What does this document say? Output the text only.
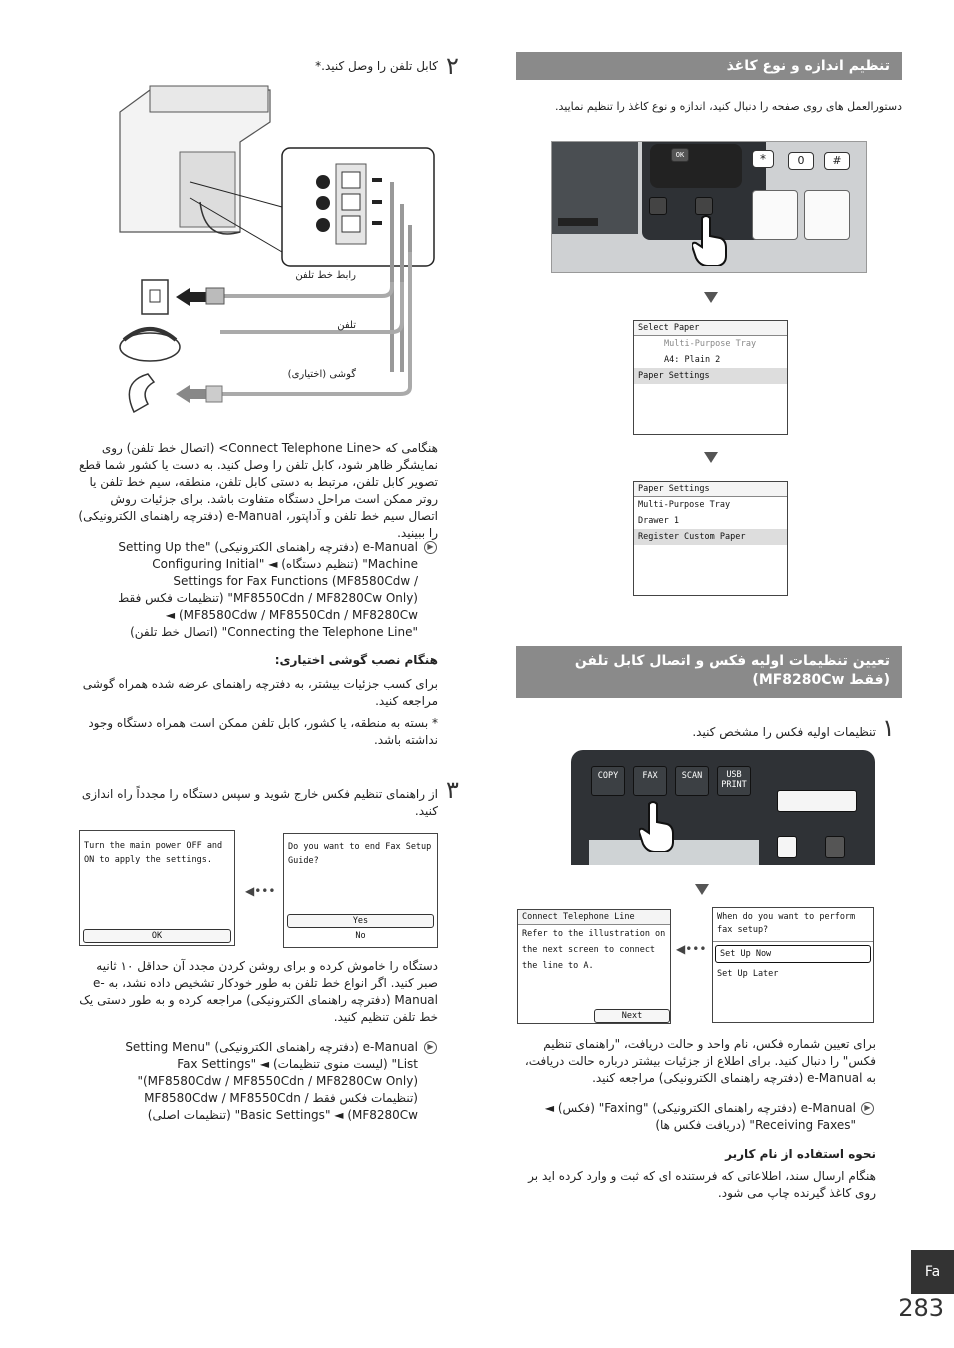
تنظیم اندازه و نوع کاغذ
دستورالعمل های روی صفحه را دنبال کنید، اندازه و نوع کاغذ را تنظیم نمایید.
OK	*	0	#
Select Paper
Multi-Purpose Tray
A4: Plain 2
Paper Settings
Paper Settings
Multi-Purpose Tray
Drawer 1
Register Custom Paper
تعیین تنظیمات اولیه فکس و اتصال کابل تلفن
(فقط MF8280Cw)
۱
تنظیمات اولیه فکس را مشخص کنید.
COPY	FAX	SCAN	USB PRINT
When do you want to perform fax setup?
Set Up Now
Set Up Later
◀•••
Connect Telephone Line
Refer to the illustration on the next screen to connect the line to A.
Next
برای تعیین شماره فکس، نام واحد و حالت دریافت، "راهنمای تنظیم فکس" را دنبال کنید. برای اطلاع از جزئیات بیشتر درباره حالت دریافت، به e-Manual (دفترچه راهنمای الکترونیکی) مراجعه کنید.
e-Manual (دفترچه راهنمای الکترونیکی) "Faxing" (فکس) ◄ "Receiving Faxes" (دریافت فکس ها)
▶
نحوه استفاده از نام کاربر
هنگام ارسال سند، اطلاعاتی که فرستنده ای که ثبت و وارد کرده اید بر روی کاغذ گیرنده چاپ می شود.
۲
کابل تلفن را وصل کنید.*
C
B
A
رابط خط تلفن
تلفن
گوشی (اختیاری)
هنگامی که <Connect Telephone Line> (اتصال خط تلفن) روی نمایشگر ظاهر شود، کابل تلفن را وصل کنید. به دست یا کشور شما قطع تصویر کابل تلفن، مرتبط به دستی کابل تلفن، منطقه، سیم خط تلفن یا روتر ممکن است مراحل دستگاه متفاوت باشد. برای جزئیات روش اتصال سیم خط تلفن و آداپتور، e-Manual (دفترچه راهنمای الکترونیکی) را ببینید.
e-Manual (دفترچه راهنمای الکترونیکی) "Setting Up the Machine" (تنظیم دستگاه) ◄ "Configuring Initial Settings for Fax Functions (MF8580Cdw / MF8550Cdn / MF8280Cw Only)" (تنظیمات فکس فقط MF8580Cdw / MF8550Cdn / MF8280Cw) ◄ "Connecting the Telephone Line" (اتصال خط تلفن)
▶
هنگام نصب گوشی اختیاری:
برای کسب جزئیات بیشتر، به دفترچه راهنمای عرضه شده همراه گوشی مراجعه کنید.
* بسته به منطقه، یا کشور، کابل تلفن ممکن است همراه دستگاه وجود نداشته باشد.
۳
از راهنمای تنظیم فکس خارج شوید و سپس دستگاه را مجدداً راه اندازی کنید.
Do you want to end Fax Setup Guide?
Yes
No
◀•••
Turn the main power OFF and ON to apply the settings.
OK
دستگاه را خاموش کرده و برای روشن کردن مجدد آن حداقل ۱۰ ثانیه صبر کنید. اگر انواع خط تلفن به طور خودکار تشخیص داده نشد، به e-Manual (دفترچه راهنمای الکترونیکی) مراجعه کرده و به طور دستی یک خط تلفن تنظیم کنید.
e-Manual (دفترچه راهنمای الکترونیکی) "Setting Menu List" (لیست منوی تنظیمات) ◄ "Fax Settings (MF8580Cdw / MF8550Cdn / MF8280Cw Only)" (تنظیمات فکس فقط MF8580Cdw / MF8550Cdn / MF8280Cw) ◄ "Basic Settings" (تنظیمات اصلی)
▶
Fa
283
